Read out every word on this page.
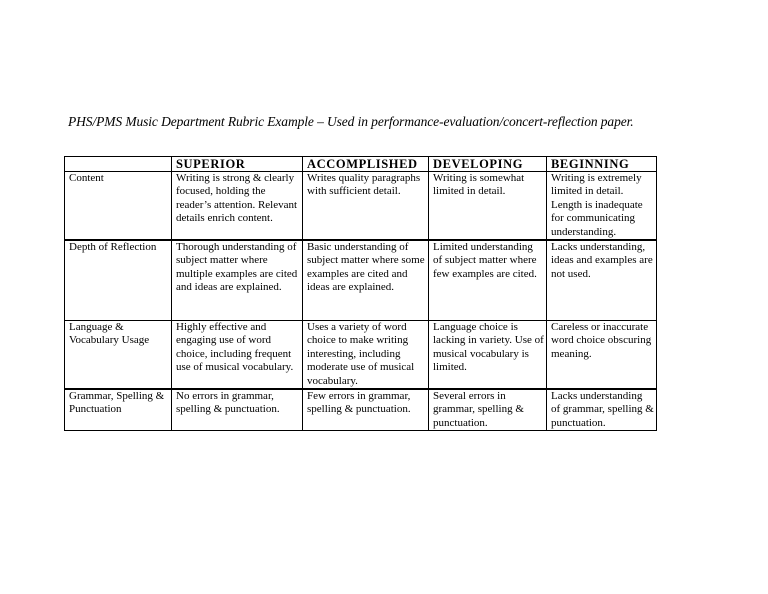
PHS/PMS Music Department Rubric Example – Used in performance-evaluation/concert-reflection paper.
	SUPERIOR	ACCOMPLISHED	DEVELOPING	BEGINNING
Content	Writing is strong & clearly focused, holding the reader’s attention. Relevant details enrich content.	Writes quality paragraphs with sufficient detail.	Writing is somewhat limited in detail.	Writing is extremely limited in detail. Length is inadequate for communicating understanding.
Depth of Reflection	Thorough understanding of subject matter where multiple examples are cited and ideas are explained.	Basic understanding of subject matter where some examples are cited and ideas are explained.	Limited understanding of subject matter where few examples are cited.	Lacks understanding, ideas and examples are not used.
Language & Vocabulary Usage	Highly effective and engaging use of word choice, including frequent use of musical vocabulary.	Uses a variety of word choice to make writing interesting, including moderate use of musical vocabulary.	Language choice is lacking in variety. Use of musical vocabulary is limited.	Careless or inaccurate word choice obscuring meaning.
Grammar, Spelling & Punctuation	No errors in grammar, spelling & punctuation.	Few errors in grammar, spelling & punctuation.	Several errors in grammar, spelling & punctuation.	Lacks understanding of grammar, spelling & punctuation.
